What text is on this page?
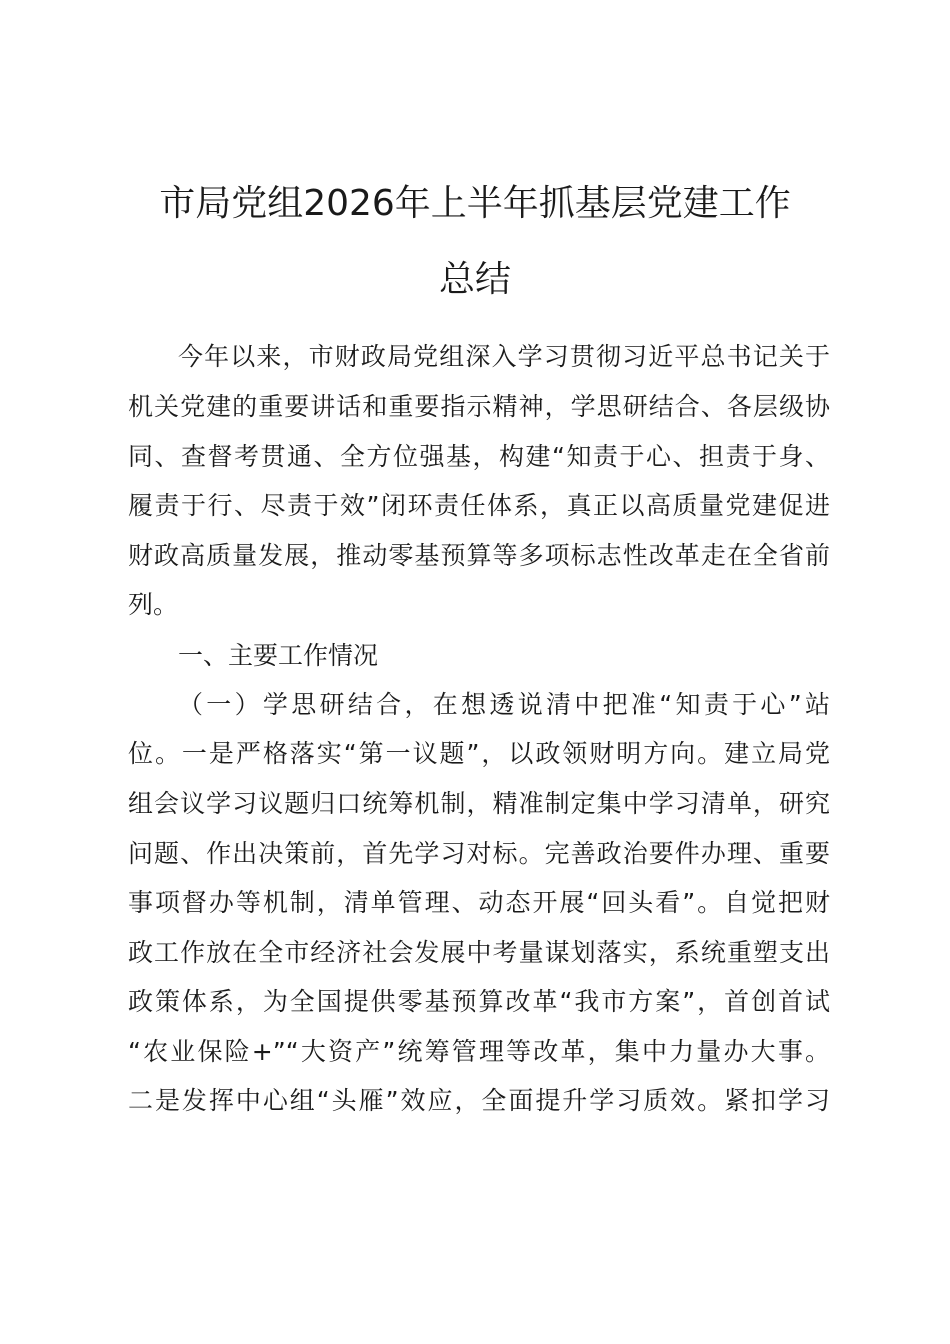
市局党组2026年上半年抓基层党建工作
总结
今年以来，市财政局党组深入学习贯彻习近平总书记关于
机关党建的重要讲话和重要指示精神，学思研结合、各层级协
同、查督考贯通、全方位强基，构建“知责于心、担责于身、
履责于行、尽责于效”闭环责任体系，真正以高质量党建促进
财政高质量发展，推动零基预算等多项标志性改革走在全省前
列。
一、主要工作情况
（一）学思研结合，在想透说清中把准“知责于心”站
位。一是严格落实“第一议题”，以政领财明方向。建立局党
组会议学习议题归口统筹机制，精准制定集中学习清单，研究
问题、作出决策前，首先学习对标。完善政治要件办理、重要
事项督办等机制，清单管理、动态开展“回头看”。自觉把财
政工作放在全市经济社会发展中考量谋划落实，系统重塑支出
政策体系，为全国提供零基预算改革“我市方案”，首创首试
“农业保险+”“大资产”统筹管理等改革，集中力量办大事。
二是发挥中心组“头雁”效应，全面提升学习质效。紧扣学习
